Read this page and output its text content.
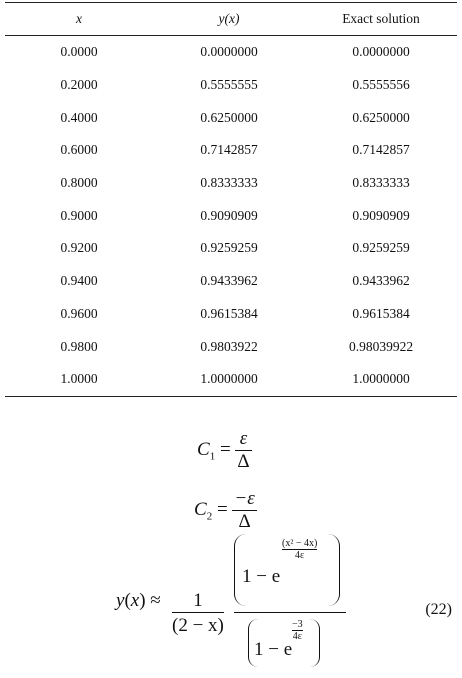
x	y(x)	Exact solution
0.0000	0.0000000	0.0000000
0.2000	0.5555555	0.5555556
0.4000	0.6250000	0.6250000
0.6000	0.7142857	0.7142857
0.8000	0.8333333	0.8333333
0.9000	0.9090909	0.9090909
0.9200	0.9259259	0.9259259
0.9400	0.9433962	0.9433962
0.9600	0.9615384	0.9615384
0.9800	0.9803922	0.98039922
1.0000	1.0000000	1.0000000
$C_1 = \frac{\varepsilon}{\Delta}$
$C_2 = \frac{-\varepsilon}{\Delta}$
y(x) ≈	1
(2 − x)
1 − e
$\frac{\text{(x² − 4x)}}{4\varepsilon}$
1 − e
$\frac{-3}{4\varepsilon}$
(22)
